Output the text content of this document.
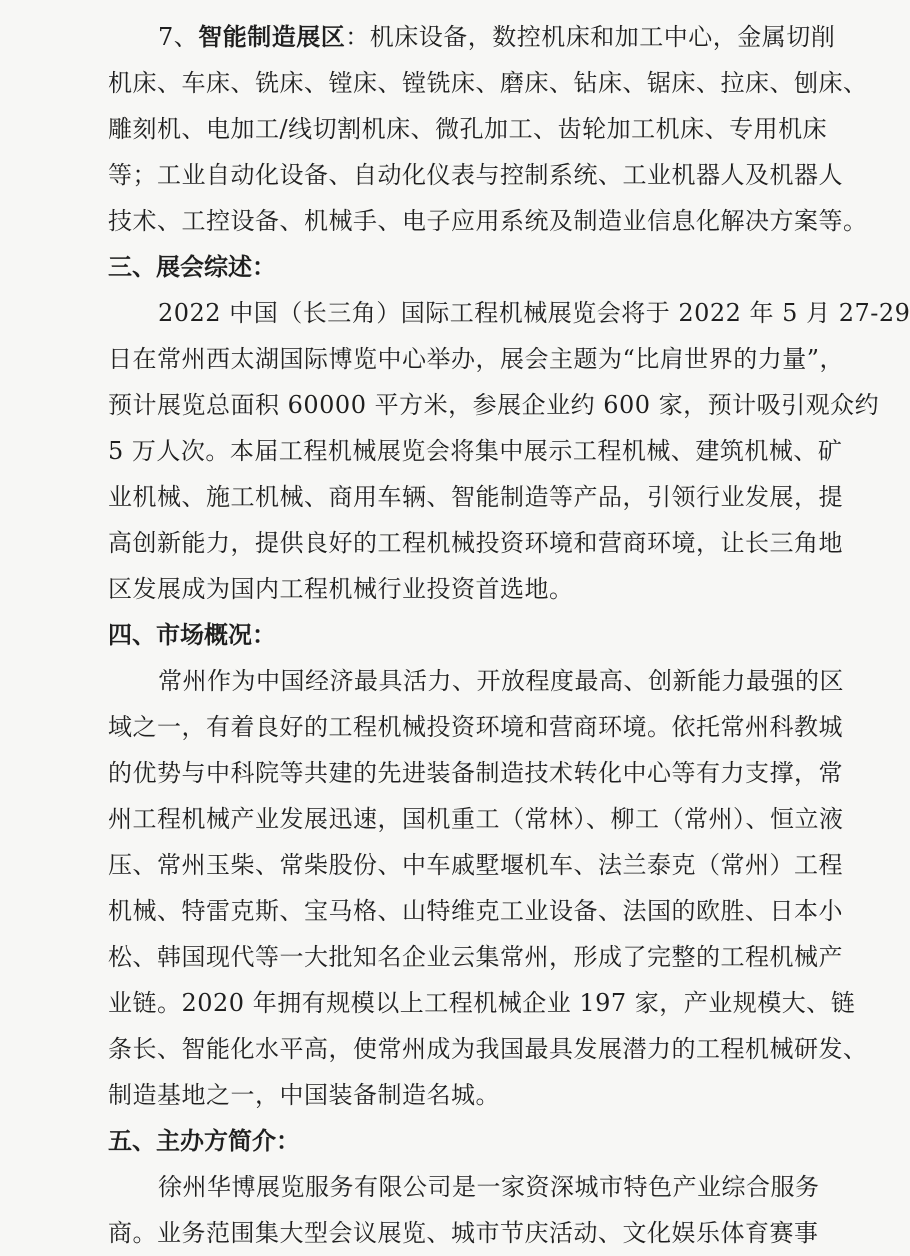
7、智能制造展区：机床设备，数控机床和加工中心，金属切削
机床、车床、铣床、镗床、镗铣床、磨床、钻床、锯床、拉床、刨床、
雕刻机、电加工/线切割机床、微孔加工、齿轮加工机床、专用机床
等；工业自动化设备、自动化仪表与控制系统、工业机器人及机器人
技术、工控设备、机械手、电子应用系统及制造业信息化解决方案等。
三、展会综述：
2022 中国（长三角）国际工程机械展览会将于 2022 年 5 月 27-29
日在常州西太湖国际博览中心举办，展会主题为“比肩世界的力量”，
预计展览总面积 60000 平方米，参展企业约 600 家，预计吸引观众约
5 万人次。本届工程机械展览会将集中展示工程机械、建筑机械、矿
业机械、施工机械、商用车辆、智能制造等产品，引领行业发展，提
高创新能力，提供良好的工程机械投资环境和营商环境，让长三角地
区发展成为国内工程机械行业投资首选地。
四、市场概况：
常州作为中国经济最具活力、开放程度最高、创新能力最强的区
域之一，有着良好的工程机械投资环境和营商环境。依托常州科教城
的优势与中科院等共建的先进装备制造技术转化中心等有力支撑，常
州工程机械产业发展迅速，国机重工（常林）、柳工（常州）、恒立液
压、常州玉柴、常柴股份、中车戚墅堰机车、法兰泰克（常州）工程
机械、特雷克斯、宝马格、山特维克工业设备、法国的欧胜、日本小
松、韩国现代等一大批知名企业云集常州，形成了完整的工程机械产
业链。2020 年拥有规模以上工程机械企业 197 家，产业规模大、链
条长、智能化水平高，使常州成为我国最具发展潜力的工程机械研发、
制造基地之一，中国装备制造名城。
五、主办方简介：
徐州华博展览服务有限公司是一家资深城市特色产业综合服务
商。业务范围集大型会议展览、城市节庆活动、文化娱乐体育赛事
